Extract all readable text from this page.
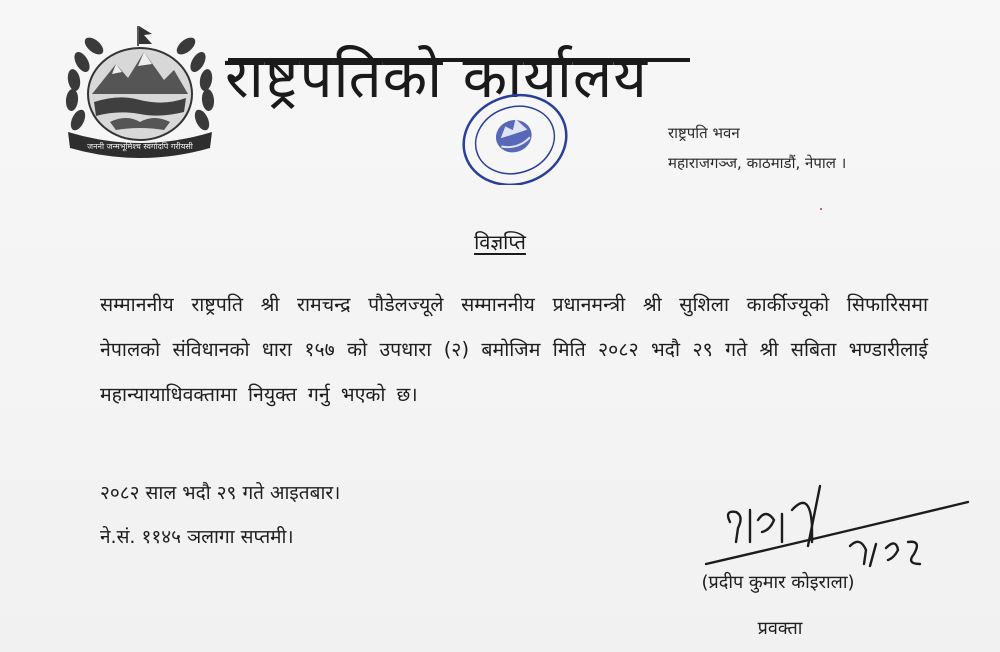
जननी जन्मभूमिश्च स्वर्गादपि गरीयसी
राष्ट्रपतिको कार्यालय
राष्ट्रपति भवन
महाराजगञ्ज, काठमाडौं, नेपाल ।
विज्ञप्ति
सम्माननीय राष्ट्रपति श्री रामचन्द्र पौडेलज्यूले सम्माननीय प्रधानमन्त्री श्री सुशिला कार्कीज्यूको सिफारिसमा नेपालको संविधानको धारा १५७ को उपधारा (२) बमोजिम मिति २०८२ भदौ २९ गते श्री सबिता भण्डारीलाई महान्यायाधिवक्तामा नियुक्त गर्नु भएको छ।
२०८२ साल भदौ २९ गते आइतबार।
ने.सं. ११४५ ञलागा सप्तमी।
(प्रदीप कुमार कोइराला)
प्रवक्ता
